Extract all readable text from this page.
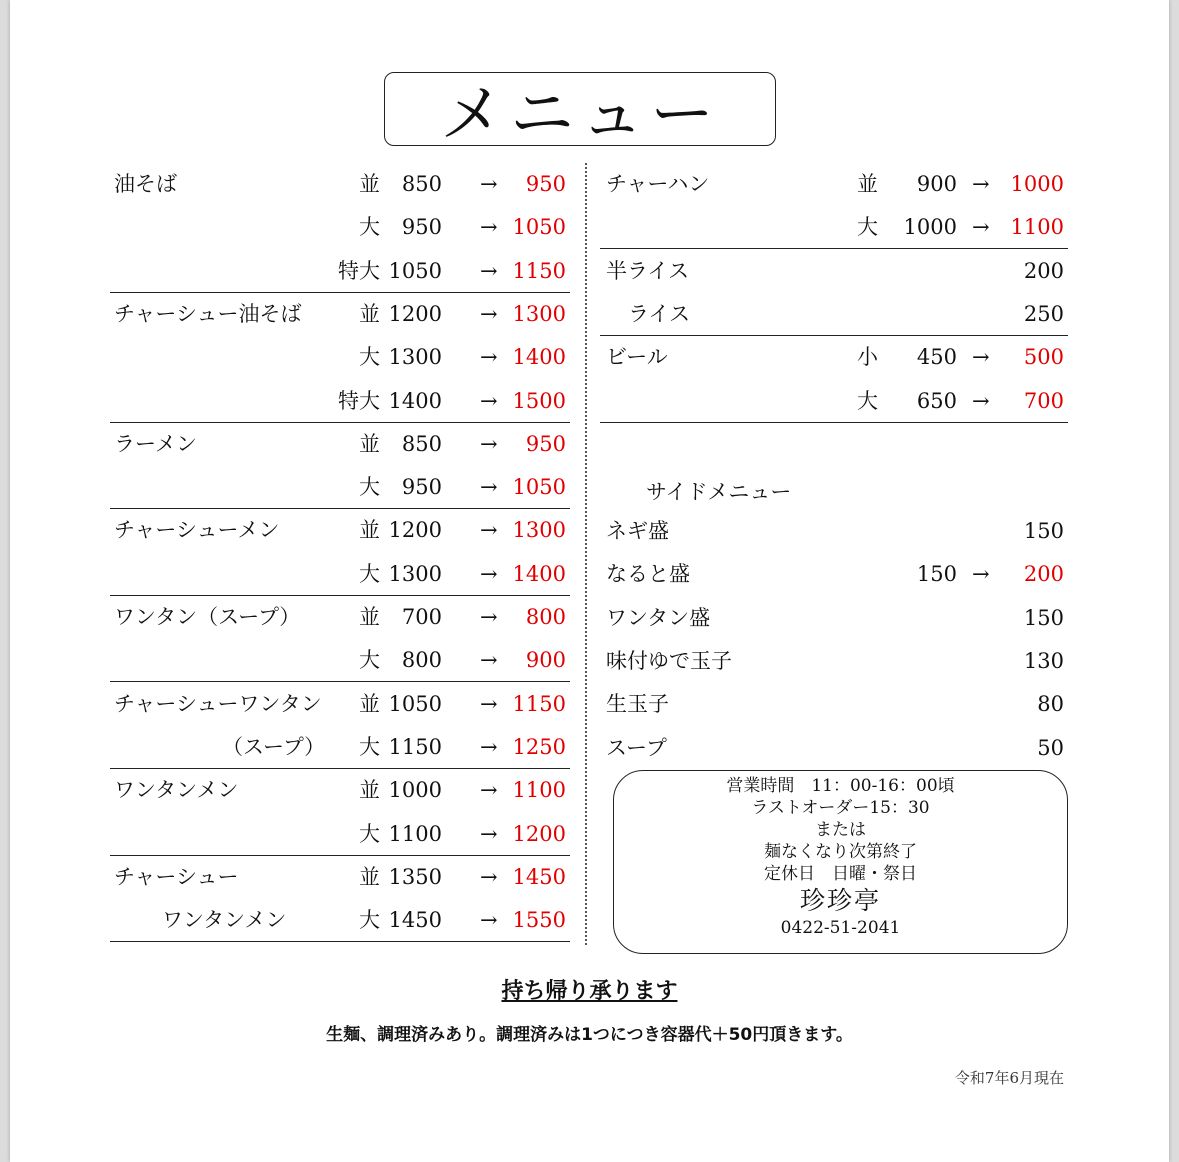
メニュー
油そば	並 850 → 950
大 950 → 1050
特大 1050 → 1150
チャーシュー油そば	並 1200 → 1300
大 1300 → 1400
特大 1400 → 1500
ラーメン	並 850 → 950
大 950 → 1050
チャーシューメン	並 1200 → 1300
大 1300 → 1400
ワンタン（スープ）	並 700 → 800
大 800 → 900
チャーシューワンタン 並 1050 → 1150
（スープ） 大 1150 → 1250
ワンタンメン	並 1000 → 1100
大 1100 → 1200
チャーシュー	並 1350 → 1450
ワンタンメン	大 1450 → 1550
チャーハン	並 900 → 1000
大 1000 → 1100
半ライス	200
ライス	250
ビール	小 450 → 500
大 650 → 700
サイドメニュー
ネギ盛	150
なると盛	150 → 200
ワンタン盛	150
味付ゆで玉子	130
生玉子	80
スープ	50
営業時間　11：00-16：00頃
ラストオーダー15：30
または
麺なくなり次第終了
定休日　日曜・祭日
珍珍亭
0422-51-2041
持ち帰り承ります
生麺、調理済みあり。調理済みは1つにつき容器代＋50円頂きます。
令和7年6月現在
